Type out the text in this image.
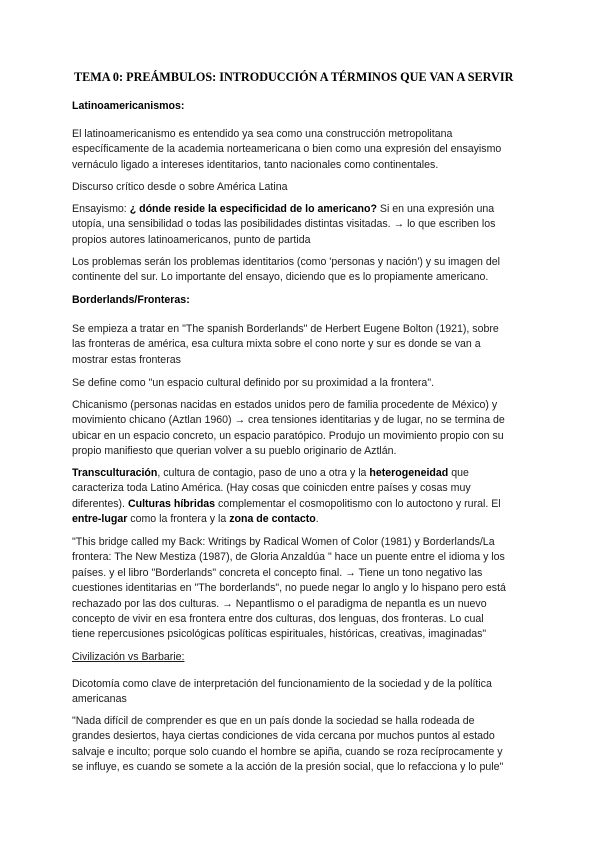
TEMA 0: PREÁMBULOS: INTRODUCCIÓN A TÉRMINOS QUE VAN A SERVIR

Latinoamericanismos:

El latinoamericanismo es entendido ya sea como una construcción metropolitana
específicamente de la academia norteamericana o bien como una expresión del ensayismo
vernáculo ligado a intereses identitarios, tanto nacionales como continentales.

Discurso crítico desde o sobre América Latina

Ensayismo: ¿ dónde reside la especificidad de lo americano? Si en una expresión una
utopía, una sensibilidad o todas las posibilidades distintas visitadas. → lo que escriben los
propios autores latinoamericanos, punto de partida

Los problemas serán los problemas identitarios (como 'personas y nación') y su imagen del
continente del sur. Lo importante del ensayo, diciendo que es lo propiamente americano.

Borderlands/Fronteras:

Se empieza a tratar en "The spanish Borderlands" de Herbert Eugene Bolton (1921), sobre
las fronteras de américa, esa cultura mixta sobre el cono norte y sur es donde se van a
mostrar estas fronteras

Se define como "un espacio cultural definido por su proximidad a la frontera".

Chicanismo (personas nacidas en estados unidos pero de familia procedente de México) y
movimiento chicano (Aztlan 1960) → crea tensiones identitarias y de lugar, no se termina de
ubicar en un espacio concreto, un espacio paratópico. Produjo un movimiento propio con su
propio manifiesto que querian volver a su pueblo originario de Aztlán.

Transculturación, cultura de contagio, paso de uno a otra y la heterogeneidad que
caracteriza toda Latino América. (Hay cosas que coinicden entre países y cosas muy
diferentes). Culturas híbridas complementar el cosmopolitismo con lo autoctono y rural. El
entre-lugar como la frontera y la zona de contacto.

"This bridge called my Back: Writings by Radical Women of Color (1981) y Borderlands/La
frontera: The New Mestiza (1987), de Gloria Anzaldúa " hace un puente entre el idioma y los
países. y el libro "Borderlands" concreta el concepto final. → Tiene un tono negativo las
cuestiones identitarias en "The borderlands", no puede negar lo anglo y lo hispano pero está
rechazado por las dos culturas. → Nepantlismo o el paradigma de nepantla es un nuevo
concepto de vivir en esa frontera entre dos culturas, dos lenguas, dos fronteras. Lo cual
tiene repercusiones psicológicas políticas espirituales, históricas, creativas, imaginadas"

Civilización vs Barbarie:

Dicotomía como clave de interpretación del funcionamiento de la sociedad y de la política
americanas

"Nada difícil de comprender es que en un país donde la sociedad se halla rodeada de
grandes desiertos, haya ciertas condiciones de vida cercana por muchos puntos al estado
salvaje e inculto; porque solo cuando el hombre se apiña, cuando se roza recíprocamente y
se influye, es cuando se somete a la acción de la presión social, que lo refacciona y lo pule"
